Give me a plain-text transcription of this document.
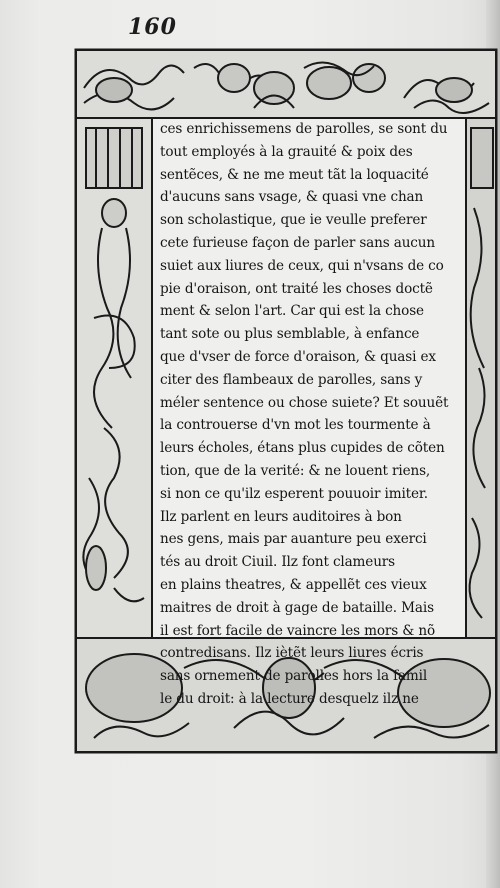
160
ces enrichissemens de parolles, se sont du
tout employés à la grauité & poix des
sentẽces, & ne me meut tãt la loquacité
d'aucuns sans vsage, & quasi vne chan
son scholastique, que ie veulle preferer
cete furieuse façon de parler sans aucun
suiet aux liures de ceux, qui n'vsans de co
pie d'oraison, ont traité les choses doctẽ
ment & selon l'art. Car qui est la chose
tant sote ou plus semblable, à enfance
que d'vser de force d'oraison, & quasi ex
citer des flambeaux de parolles, sans y
méler sentence ou chose suiete? Et souuẽt
la controuerse d'vn mot les tourmente à
leurs écholes, étans plus cupides de cõten
tion, que de la verité: & ne louent riens,
si non ce qu'ilz esperent pouuoir imiter.
Ilz parlent en leurs auditoires à bon
nes gens, mais par auanture peu exerci
tés au droit Ciuil. Ilz font clameurs
en plains theatres, & appellẽt ces vieux
maitres de droit à gage de bataille. Mais
il est fort facile de vaincre les mors & nõ
contredisans. Ilz iètẽt leurs liures écris
sans ornement de parolles hors la famil
le du droit: à la lecture desquelz ilz ne
